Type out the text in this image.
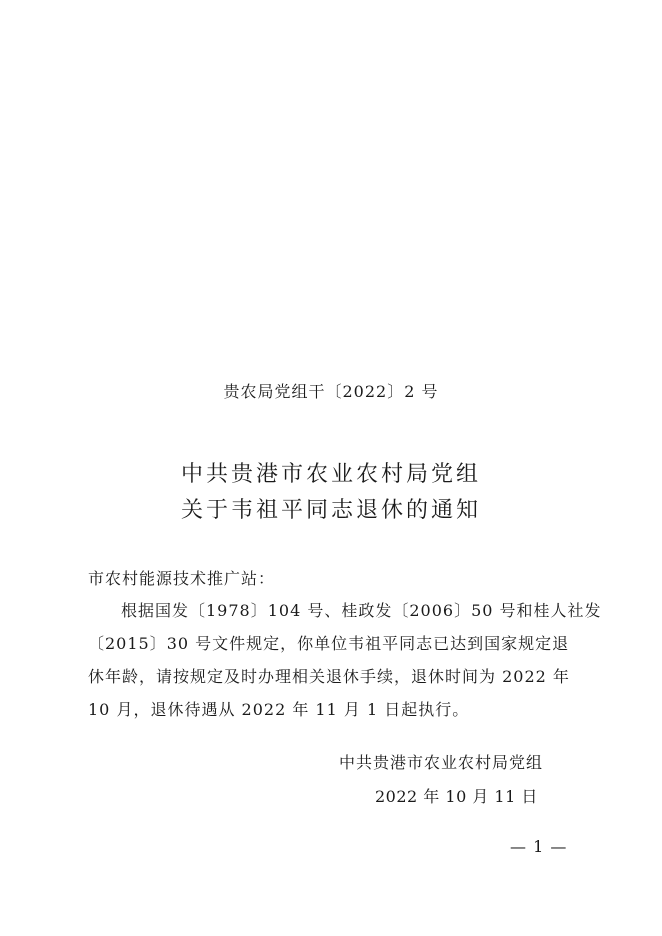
贵农局党组干〔2022〕2 号
中共贵港市农业农村局党组
关于韦祖平同志退休的通知
市农村能源技术推广站：
根据国发〔1978〕104 号、桂政发〔2006〕50 号和桂人社发
〔2015〕30 号文件规定，你单位韦祖平同志已达到国家规定退
休年龄，请按规定及时办理相关退休手续，退休时间为 2022 年
10 月，退休待遇从 2022 年 11 月 1 日起执行。
中共贵港市农业农村局党组
2022 年 10 月 11 日
— 1 —
